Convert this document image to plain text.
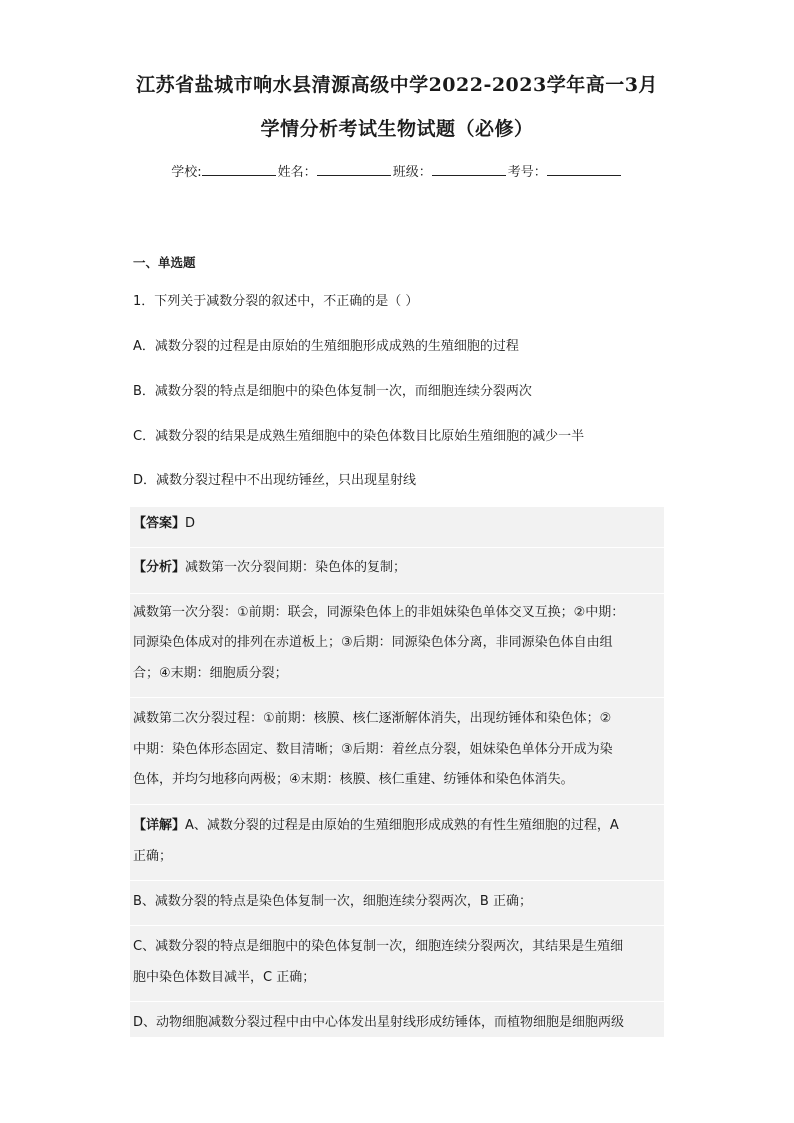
江苏省盐城市响水县清源高级中学2022-2023学年高一3月
学情分析考试生物试题（必修）
学校:	姓名：	班级：	考号：
一、单选题
1．下列关于减数分裂的叙述中，不正确的是（ ）
A．减数分裂的过程是由原始的生殖细胞形成成熟的生殖细胞的过程
B．减数分裂的特点是细胞中的染色体复制一次，而细胞连续分裂两次
C．减数分裂的结果是成熟生殖细胞中的染色体数目比原始生殖细胞的减少一半
D．减数分裂过程中不出现纺锤丝，只出现星射线
【答案】D
【分析】减数第一次分裂间期：染色体的复制；
减数第一次分裂：①前期：联会，同源染色体上的非姐妹染色单体交叉互换；②中期：
同源染色体成对的排列在赤道板上；③后期：同源染色体分离，非同源染色体自由组
合；④末期：细胞质分裂；
减数第二次分裂过程：①前期：核膜、核仁逐渐解体消失，出现纺锤体和染色体；②
中期：染色体形态固定、数目清晰；③后期：着丝点分裂，姐妹染色单体分开成为染
色体，并均匀地移向两极；④末期：核膜、核仁重建、纺锤体和染色体消失。
【详解】A、减数分裂的过程是由原始的生殖细胞形成成熟的有性生殖细胞的过程，A
正确；
B、减数分裂的特点是染色体复制一次，细胞连续分裂两次，B 正确；
C、减数分裂的特点是细胞中的染色体复制一次，细胞连续分裂两次，其结果是生殖细
胞中染色体数目减半，C 正确；
D、动物细胞减数分裂过程中由中心体发出星射线形成纺锤体，而植物细胞是细胞两级
